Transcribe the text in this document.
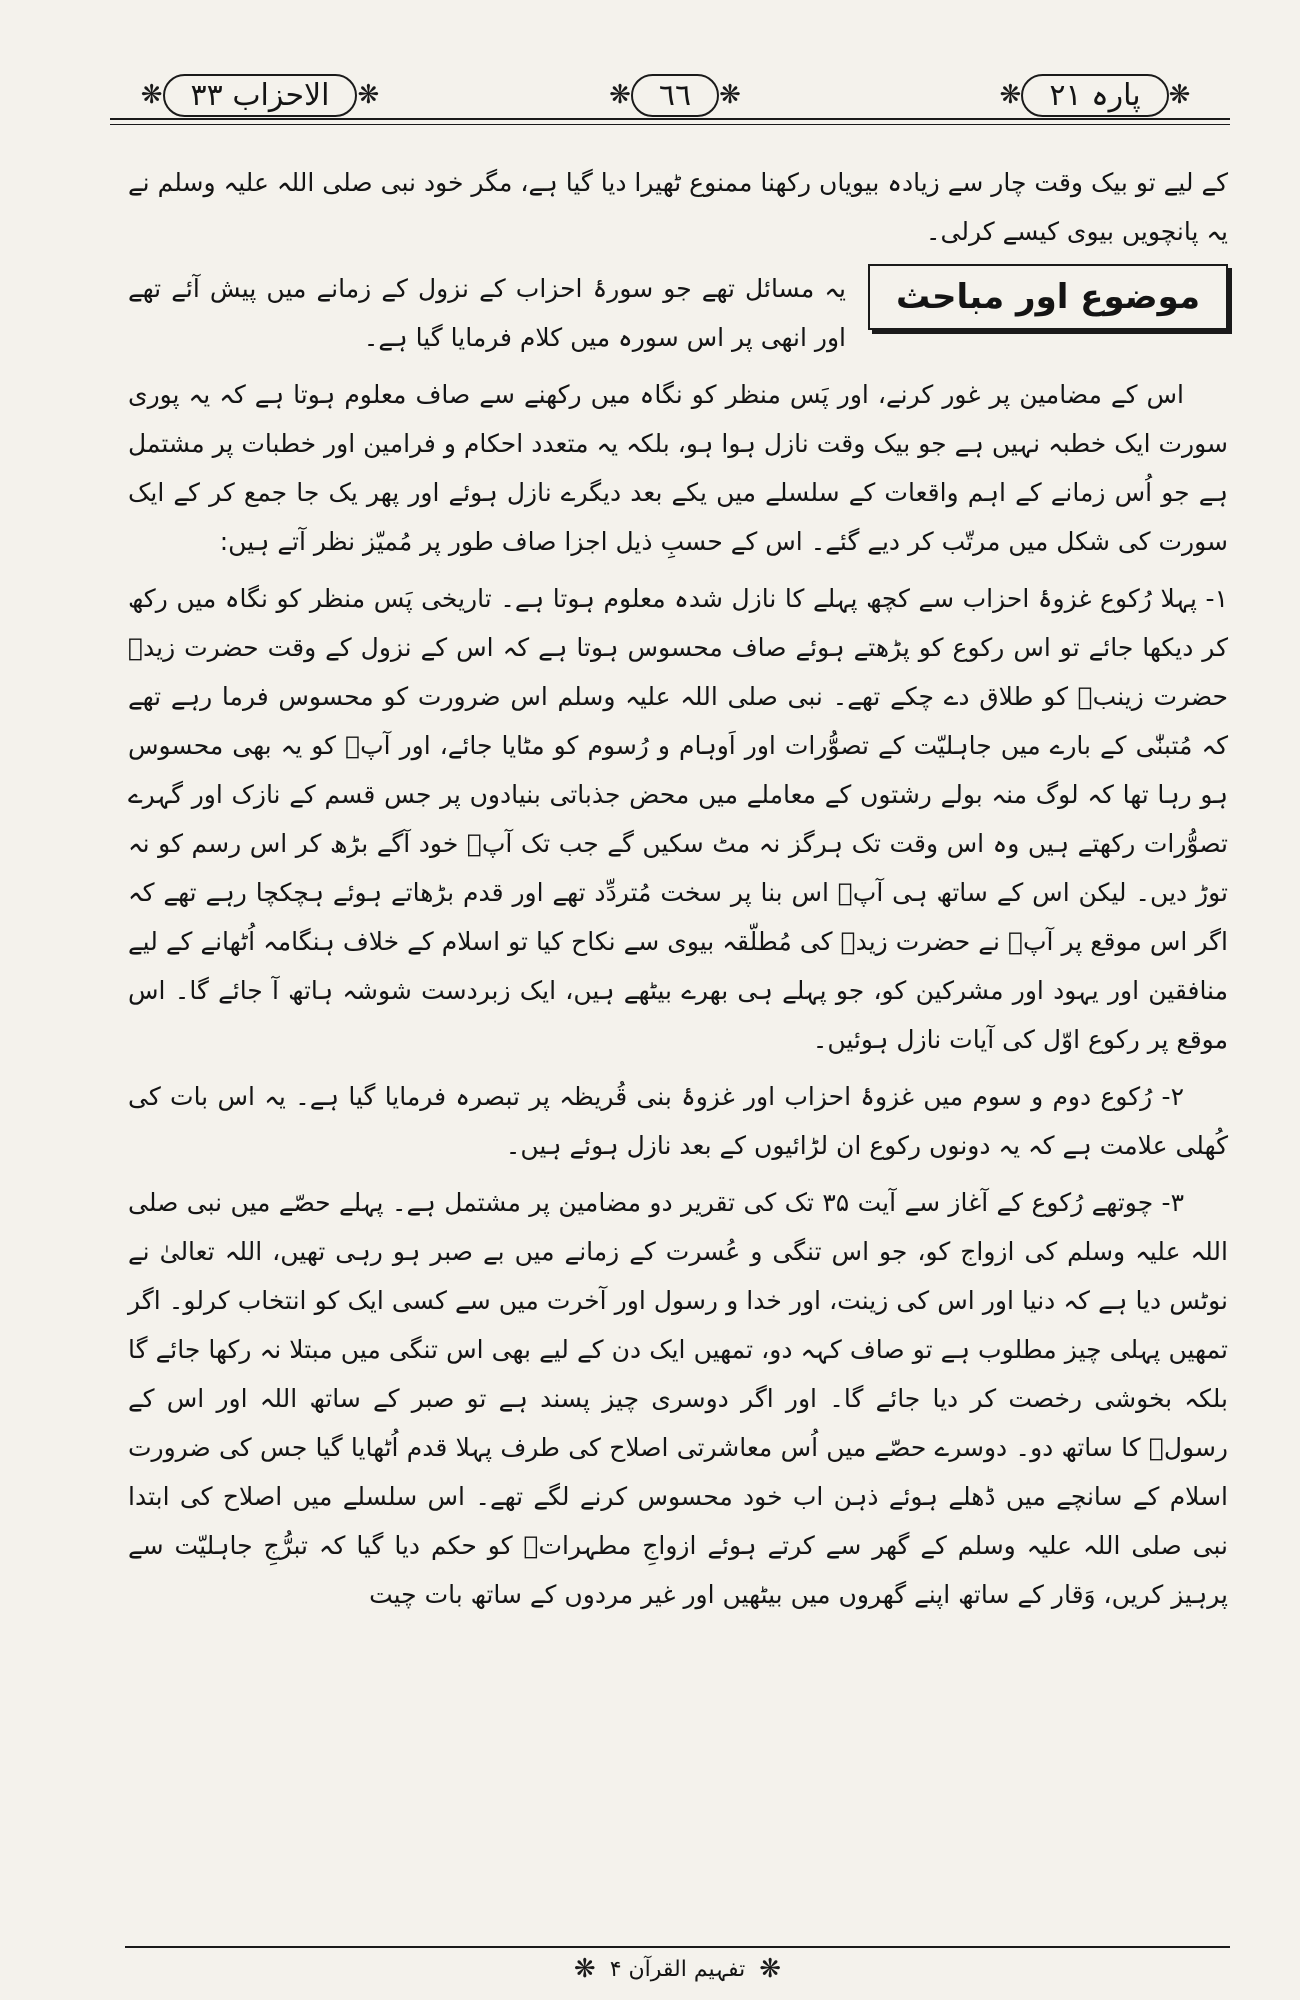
❋ الاحزاب ۳۳	❋	❋ ٦٦	❋	❋ پارہ ۲۱	❋

کے لیے تو بیک وقت چار سے زیادہ بیویاں رکھنا ممنوع ٹھیرا دیا گیا ہے، مگر خود نبی صلی اللہ علیہ وسلم نے یہ پانچویں بیوی کیسے کرلی۔

موضوع اور مباحث

یہ مسائل تھے جو سورۂ احزاب کے نزول کے زمانے میں پیش آئے تھے اور انھی پر اس سورہ میں کلام فرمایا گیا ہے۔

اس کے مضامین پر غور کرنے، اور پَس منظر کو نگاہ میں رکھنے سے صاف معلوم ہوتا ہے کہ یہ پوری سورت ایک خطبہ نہیں ہے جو بیک وقت نازل ہوا ہو، بلکہ یہ متعدد احکام و فرامین اور خطبات پر مشتمل ہے جو اُس زمانے کے اہم واقعات کے سلسلے میں یکے بعد دیگرے نازل ہوئے اور پھر یک جا جمع کر کے ایک سورت کی شکل میں مرتّب کر دیے گئے۔ اس کے حسبِ ذیل اجزا صاف طور پر مُمیّز نظر آتے ہیں:

۱- پہلا رُکوع غزوۂ احزاب سے کچھ پہلے کا نازل شدہ معلوم ہوتا ہے۔ تاریخی پَس منظر کو نگاہ میں رکھ کر دیکھا جائے تو اس رکوع کو پڑھتے ہوئے صاف محسوس ہوتا ہے کہ اس کے نزول کے وقت حضرت زیدؓ حضرت زینبؓ کو طلاق دے چکے تھے۔ نبی صلی اللہ علیہ وسلم اس ضرورت کو محسوس فرما رہے تھے کہ مُتبنّٰی کے بارے میں جاہلیّت کے تصوُّرات اور اَوہام و رُسوم کو مٹایا جائے، اور آپؐ کو یہ بھی محسوس ہو رہا تھا کہ لوگ منہ بولے رشتوں کے معاملے میں محض جذباتی بنیادوں پر جس قسم کے نازک اور گہرے تصوُّرات رکھتے ہیں وہ اس وقت تک ہرگز نہ مٹ سکیں گے جب تک آپؐ خود آگے بڑھ کر اس رسم کو نہ توڑ دیں۔ لیکن اس کے ساتھ ہی آپؐ اس بنا پر سخت مُتردِّد تھے اور قدم بڑھاتے ہوئے ہچکچا رہے تھے کہ اگر اس موقع پر آپؐ نے حضرت زیدؓ کی مُطلّقہ بیوی سے نکاح کیا تو اسلام کے خلاف ہنگامہ اُٹھانے کے لیے منافقین اور یہود اور مشرکین کو، جو پہلے ہی بھرے بیٹھے ہیں، ایک زبردست شوشہ ہاتھ آ جائے گا۔ اس موقع پر رکوع اوّل کی آیات نازل ہوئیں۔

۲- رُکوع دوم و سوم میں غزوۂ احزاب اور غزوۂ بنی قُریظہ پر تبصرہ فرمایا گیا ہے۔ یہ اس بات کی کُھلی علامت ہے کہ یہ دونوں رکوع ان لڑائیوں کے بعد نازل ہوئے ہیں۔

۳- چوتھے رُکوع کے آغاز سے آیت ۳۵ تک کی تقریر دو مضامین پر مشتمل ہے۔ پہلے حصّے میں نبی صلی اللہ علیہ وسلم کی ازواج کو، جو اس تنگی و عُسرت کے زمانے میں بے صبر ہو رہی تھیں، اللہ تعالیٰ نے نوٹس دیا ہے کہ دنیا اور اس کی زینت، اور خدا و رسول اور آخرت میں سے کسی ایک کو انتخاب کرلو۔ اگر تمھیں پہلی چیز مطلوب ہے تو صاف کہہ دو، تمھیں ایک دن کے لیے بھی اس تنگی میں مبتلا نہ رکھا جائے گا بلکہ بخوشی رخصت کر دیا جائے گا۔ اور اگر دوسری چیز پسند ہے تو صبر کے ساتھ اللہ اور اس کے رسولؐ کا ساتھ دو۔ دوسرے حصّے میں اُس معاشرتی اصلاح کی طرف پہلا قدم اُٹھایا گیا جس کی ضرورت اسلام کے سانچے میں ڈھلے ہوئے ذہن اب خود محسوس کرنے لگے تھے۔ اس سلسلے میں اصلاح کی ابتدا نبی صلی اللہ علیہ وسلم کے گھر سے کرتے ہوئے ازواجِ مطہراتؓ کو حکم دیا گیا کہ تبرُّجِ جاہلیّت سے پرہیز کریں، وَقار کے ساتھ اپنے گھروں میں بیٹھیں اور غیر مردوں کے ساتھ بات چیت

❋ تفہیم القرآن ۴ ❋
